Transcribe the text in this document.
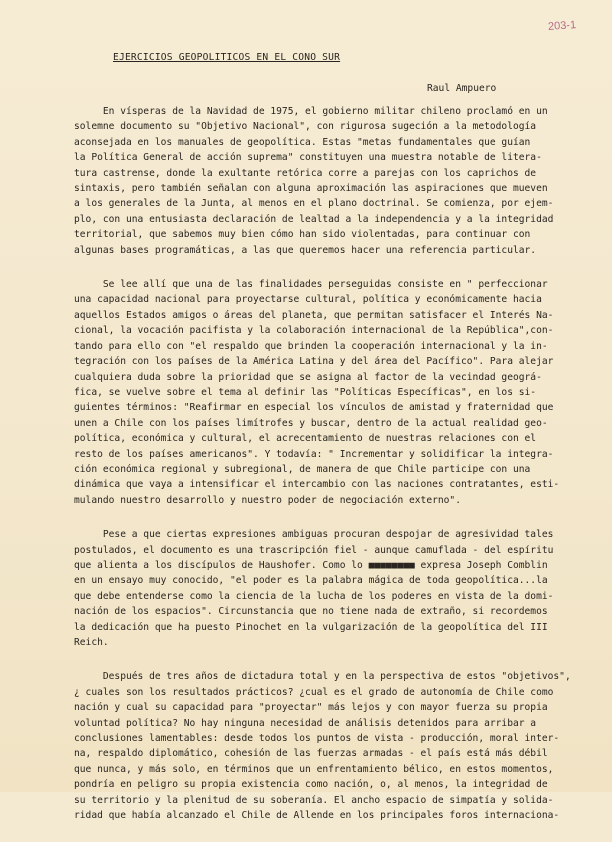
203-1
EJERCICIOS GEOPOLITICOS EN EL CONO SUR
Raul Ampuero
En vísperas de la Navidad de 1975, el gobierno militar chileno proclamó en un
solemne documento su "Objetivo Nacional", con rigurosa sugeción a la metodología
aconsejada en los manuales de geopolítica. Estas "metas fundamentales que guían
la Política General de acción suprema" constituyen una muestra notable de litera-
tura castrense, donde la exultante retórica corre a parejas con los caprichos de
sintaxis, pero también señalan con alguna aproximación las aspiraciones que mueven
a los generales de la Junta, al menos en el plano doctrinal. Se comienza, por ejem-
plo, con una entusiasta declaración de lealtad a la independencia y a la integridad
territorial, que sabemos muy bien cómo han sido violentadas, para continuar con
algunas bases programáticas, a las que queremos hacer una referencia particular.
Se lee allí que una de las finalidades perseguidas consiste en " perfeccionar
una capacidad nacional para proyectarse cultural, política y económicamente hacia
aquellos Estados amigos o áreas del planeta, que permitan satisfacer el Interés Na-
cional, la vocación pacifista y la colaboración internacional de la República",con-
tando para ello con "el respaldo que brinden la cooperación internacional y la in-
tegración con los países de la América Latina y del área del Pacífico". Para alejar
cualquiera duda sobre la prioridad que se asigna al factor de la vecindad geográ-
fica, se vuelve sobre el tema al definir las "Políticas Específicas", en los si-
guientes términos: "Reafirmar en especial los vínculos de amistad y fraternidad que
unen a Chile con los países limítrofes y buscar, dentro de la actual realidad geo-
política, económica y cultural, el acrecentamiento de nuestras relaciones con el
resto de los países americanos". Y todavía: " Incrementar y solidificar la integra-
ción económica regional y subregional, de manera de que Chile participe con una
dinámica que vaya a intensificar el intercambio con las naciones contratantes, esti-
mulando nuestro desarrollo y nuestro poder de negociación externo".
Pese a que ciertas expresiones ambiguas procuran despojar de agresividad tales
postulados, el documento es una trascripción fiel - aunque camuflada - del espíritu
que alienta a los discípulos de Haushofer. Como lo ■■■■■■■■ expresa Joseph Comblin
en un ensayo muy conocido, "el poder es la palabra mágica de toda geopolítica...la
que debe entenderse como la ciencia de la lucha de los poderes en vista de la domi-
nación de los espacios". Circunstancia que no tiene nada de extraño, si recordemos
la dedicación que ha puesto Pinochet en la vulgarización de la geopolítica del III
Reich.
Después de tres años de dictadura total y en la perspectiva de estos "objetivos",
¿ cuales son los resultados prácticos? ¿cual es el grado de autonomía de Chile como
nación y cual su capacidad para "proyectar" más lejos y con mayor fuerza su propia
voluntad política? No hay ninguna necesidad de análisis detenidos para arribar a
conclusiones lamentables: desde todos los puntos de vista - producción, moral inter-
na, respaldo diplomático, cohesión de las fuerzas armadas - el país está más débil
que nunca, y más solo, en términos que un enfrentamiento bélico, en estos momentos,
pondría en peligro su propia existencia como nación, o, al menos, la integridad de
su territorio y la plenitud de su soberanía. El ancho espacio de simpatía y solida-
ridad que había alcanzado el Chile de Allende en los principales foros internaciona-
